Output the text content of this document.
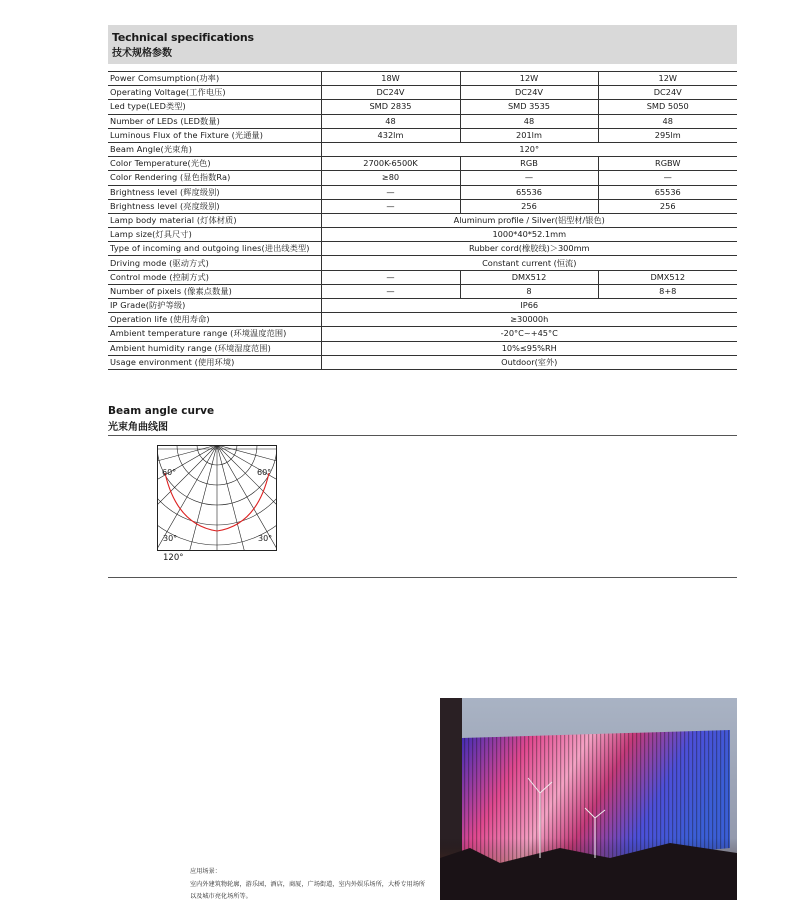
Technical specifications
技术规格参数
Power Comsumption(功率)	18W	12W	12W
Operating Voltage(工作电压)	DC24V	DC24V	DC24V
Led type(LED类型)	SMD 2835	SMD 3535	SMD 5050
Number of LEDs (LED数量)	48	48	48
Luminous Flux of the Fixture (光通量)	432lm	201lm	295lm
Beam Angle(光束角)	120°		
Color Temperature(光色)	2700K-6500K	RGB	RGBW
Color Rendering (显色指数Ra)	≥80	—	—
Brightness level (辉度级别)	—	65536	65536
Brightness level (亮度级别)	—	256	256
Lamp body material (灯体材质)	Aluminum profile / Silver(铝型材/银色)		
Lamp size(灯具尺寸)	1000*40*52.1mm		
Type of incoming and outgoing lines(进出线类型)	Rubber cord(橡胶线)＞300mm		
Driving mode (驱动方式)	Constant current (恒流)		
Control mode (控制方式)	—	DMX512	DMX512
Number of pixels (像素点数量)	—	8	8+8
IP Grade(防护等级)	IP66		
Operation life (使用寿命)	≥30000h		
Ambient temperature range (环境温度范围)	-20°C~+45°C		
Ambient humidity range (环境湿度范围)	10%≤95%RH		
Usage environment (使用环境)	Outdoor(室外)		
Beam angle curve
光束角曲线图
60°	60°
30°	30°
120°
应用场景：
室内外建筑物轮廓，游乐园，酒店，商厦，广场街道，室内外娱乐场所，大桥专用场所
以及城市亮化场所等。
